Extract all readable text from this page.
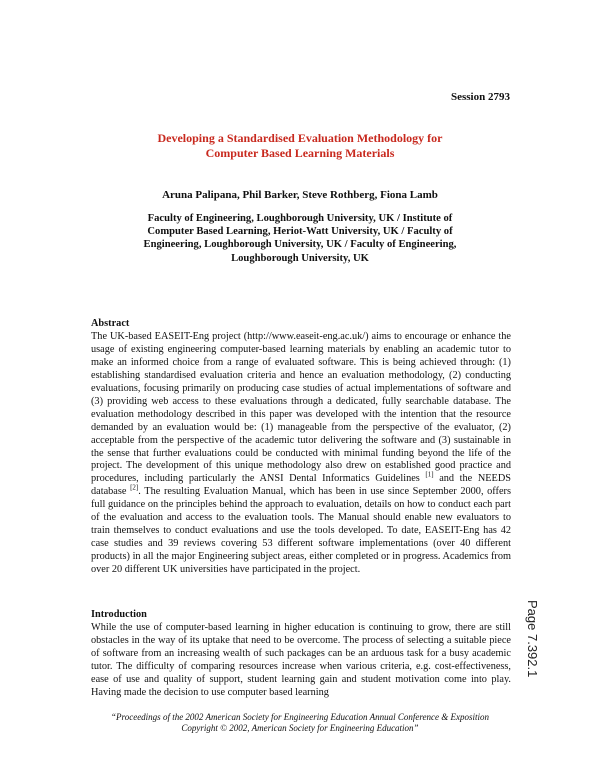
Session 2793
Developing a Standardised Evaluation Methodology for
Computer Based Learning Materials
Aruna Palipana, Phil Barker, Steve Rothberg, Fiona Lamb
Faculty of Engineering, Loughborough University, UK / Institute of
Computer Based Learning, Heriot-Watt University, UK / Faculty of
Engineering, Loughborough University, UK / Faculty of Engineering,
Loughborough University, UK
Abstract

The UK-based EASEIT-Eng project (http://www.easeit-eng.ac.uk/) aims to encourage or enhance the usage of existing engineering computer-based learning materials by enabling an academic tutor to make an informed choice from a range of evaluated software. This is being achieved through: (1) establishing standardised evaluation criteria and hence an evaluation methodology, (2) conducting evaluations, focusing primarily on producing case studies of actual implementations of software and (3) providing web access to these evaluations through a dedicated, fully searchable database. The evaluation methodology described in this paper was developed with the intention that the resource demanded by an evaluation would be: (1) manageable from the perspective of the evaluator, (2) acceptable from the perspective of the academic tutor delivering the software and (3) sustainable in the sense that further evaluations could be conducted with minimal funding beyond the life of the project. The development of this unique methodology also drew on established good practice and procedures, including particularly the ANSI Dental Informatics Guidelines [1] and the NEEDS database [2]. The resulting Evaluation Manual, which has been in use since September 2000, offers full guidance on the principles behind the approach to evaluation, details on how to conduct each part of the evaluation and access to the evaluation tools. The Manual should enable new evaluators to train themselves to conduct evaluations and use the tools developed. To date, EASEIT-Eng has 42 case studies and 39 reviews covering 53 different software implementations (over 40 different products) in all the major Engineering subject areas, either completed or in progress. Academics from over 20 different UK universities have participated in the project.

Introduction

While the use of computer-based learning in higher education is continuing to grow, there are still obstacles in the way of its uptake that need to be overcome. The process of selecting a suitable piece of software from an increasing wealth of such packages can be an arduous task for a busy academic tutor. The difficulty of comparing resources increase when various criteria, e.g. cost-effectiveness, ease of use and quality of support, student learning gain and student motivation come into play. Having made the decision to use computer based learning

“Proceedings of the 2002 American Society for Engineering Education Annual Conference & Exposition
Copyright © 2002, American Society for Engineering Education”
Page 7.392.1
